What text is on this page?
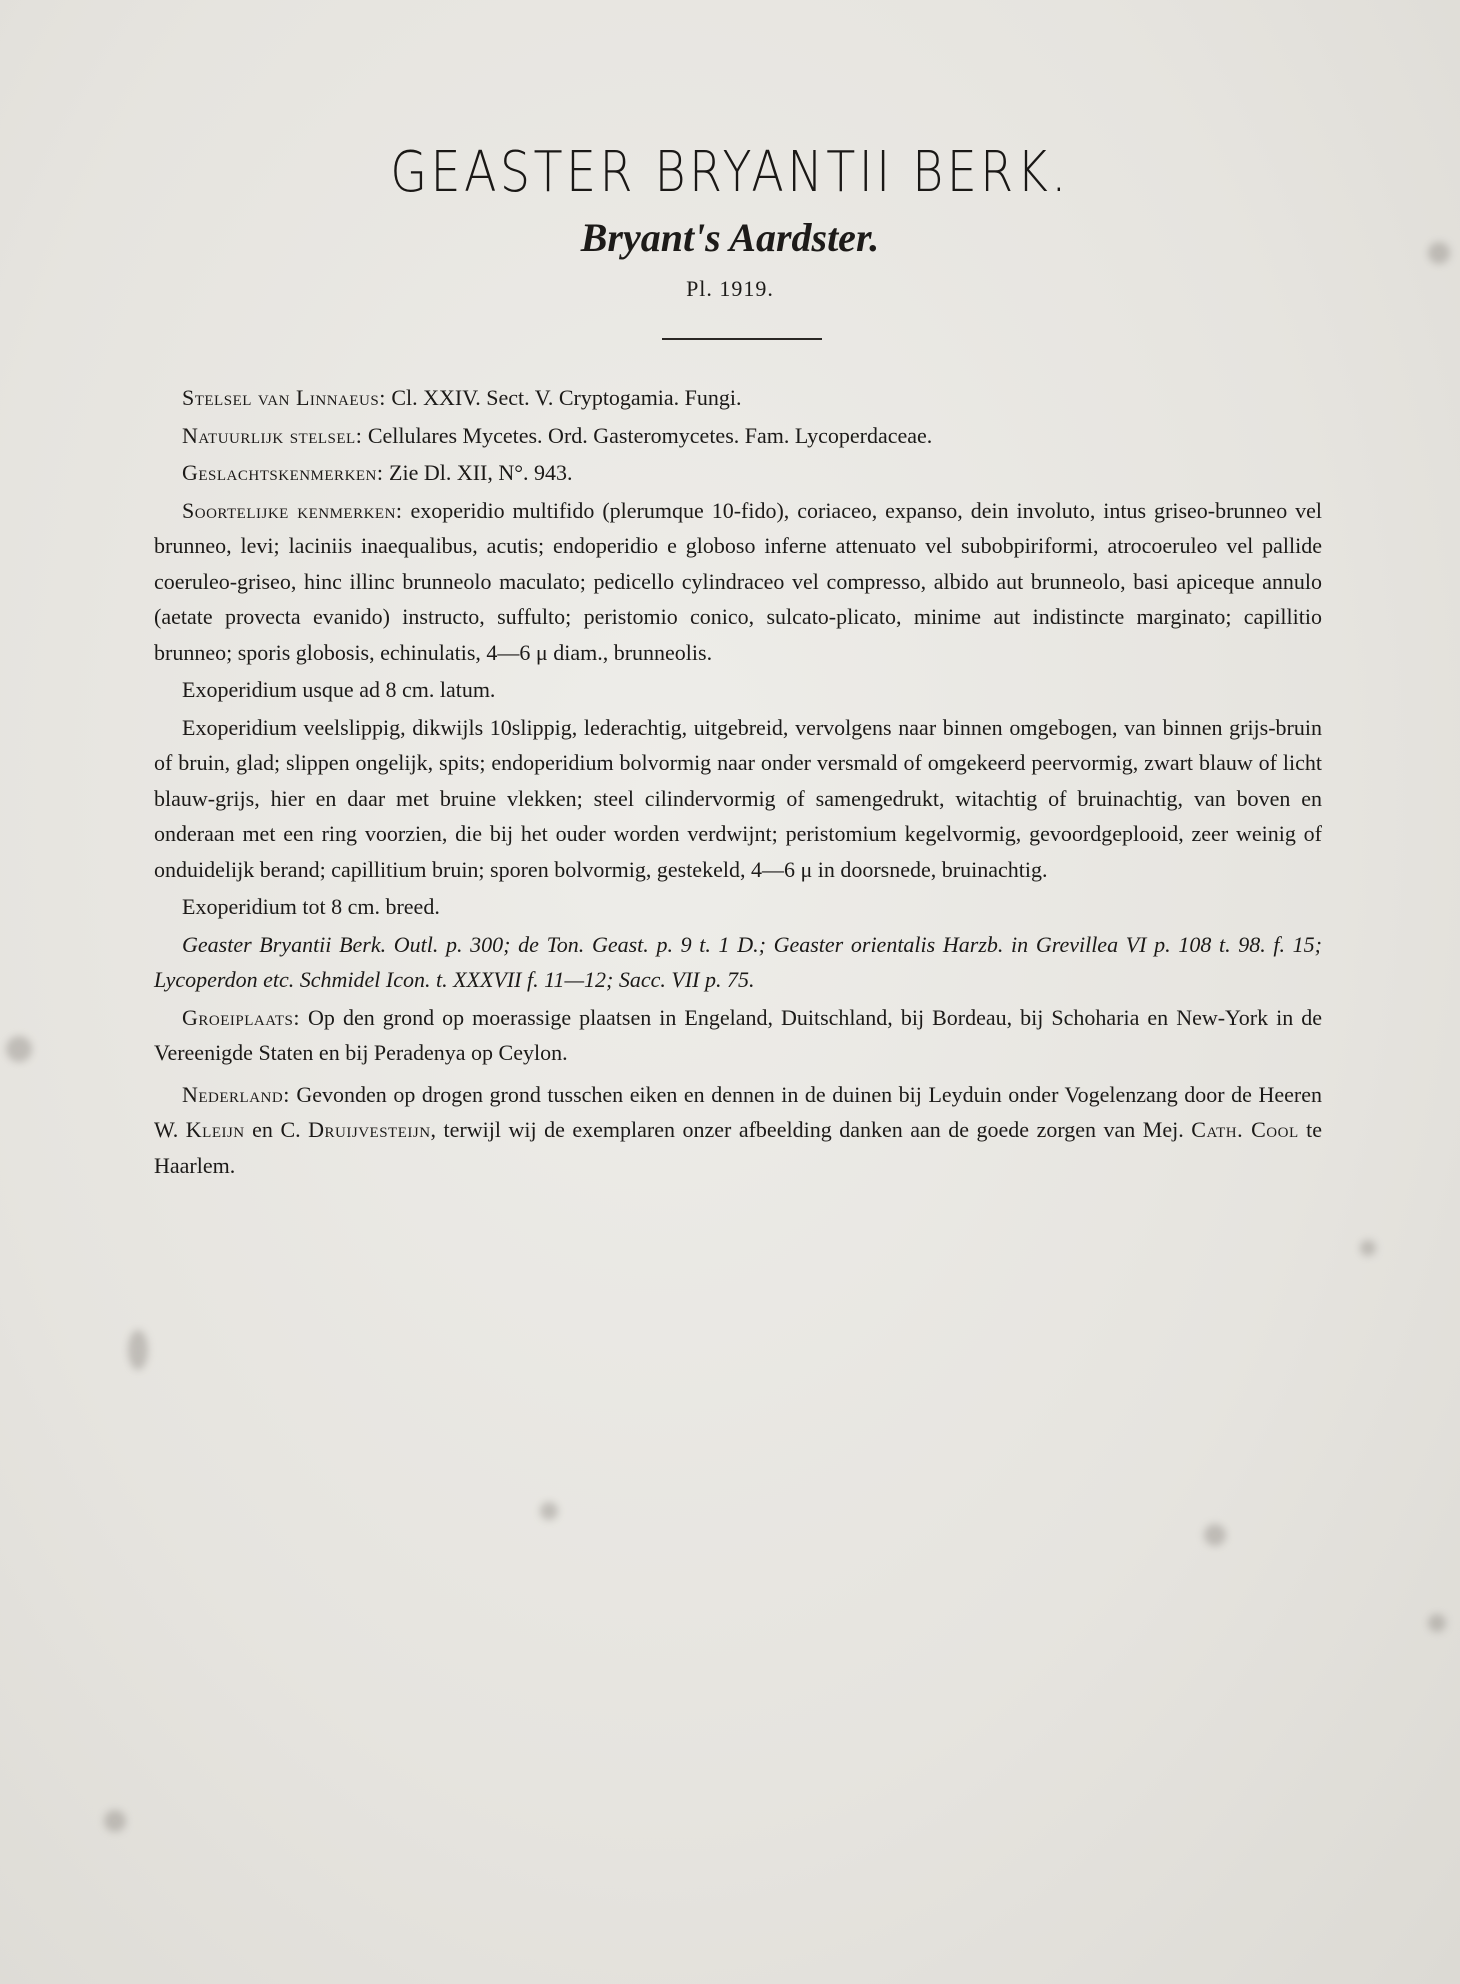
GEASTER BRYANTII BERK.
Bryant's Aardster.
Pl. 1919.

Stelsel van Linnaeus: Cl. XXIV. Sect. V. Cryptogamia. Fungi.

Natuurlijk stelsel: Cellulares Mycetes. Ord. Gasteromycetes. Fam. Lycoperdaceae.

Geslachtskenmerken: Zie Dl. XII, N°. 943.

Soortelijke kenmerken: exoperidio multifido (plerumque 10-fido), coriaceo, expanso, dein involuto, intus griseo-brunneo vel brunneo, levi; laciniis inaequalibus, acutis; endoperidio e globoso inferne attenuato vel subobpiriformi, atrocoeruleo vel pallide coeruleo-griseo, hinc illinc brunneolo maculato; pedicello cylindraceo vel compresso, albido aut brunneolo, basi apiceque annulo (aetate provecta evanido) instructo, suffulto; peristomio conico, sulcato-plicato, minime aut indistincte marginato; capillitio brunneo; sporis globosis, echinulatis, 4—6 μ diam., brunneolis.

Exoperidium usque ad 8 cm. latum.

Exoperidium veelslippig, dikwijls 10slippig, lederachtig, uitgebreid, vervolgens naar binnen omgebogen, van binnen grijs-bruin of bruin, glad; slippen ongelijk, spits; endoperidium bolvormig naar onder versmald of omgekeerd peervormig, zwart blauw of licht blauw-grijs, hier en daar met bruine vlekken; steel cilindervormig of samengedrukt, witachtig of bruinachtig, van boven en onderaan met een ring voorzien, die bij het ouder worden verdwijnt; peristomium kegelvormig, gevoordgeplooid, zeer weinig of onduidelijk berand; capillitium bruin; sporen bolvormig, gestekeld, 4—6 μ in doorsnede, bruinachtig.

Exoperidium tot 8 cm. breed.

Geaster Bryantii Berk. Outl. p. 300; de Ton. Geast. p. 9 t. 1 D.; Geaster orientalis Harzb. in Grevillea VI p. 108 t. 98. f. 15; Lycoperdon etc. Schmidel Icon. t. XXXVII f. 11—12; Sacc. VII p. 75.

Groeiplaats: Op den grond op moerassige plaatsen in Engeland, Duitschland, bij Bordeau, bij Schoharia en New-York in de Vereenigde Staten en bij Peradenya op Ceylon.

Nederland: Gevonden op drogen grond tusschen eiken en dennen in de duinen bij Leyduin onder Vogelenzang door de Heeren W. Kleijn en C. Druijvesteijn, terwijl wij de exemplaren onzer afbeelding danken aan de goede zorgen van Mej. Cath. Cool te Haarlem.
